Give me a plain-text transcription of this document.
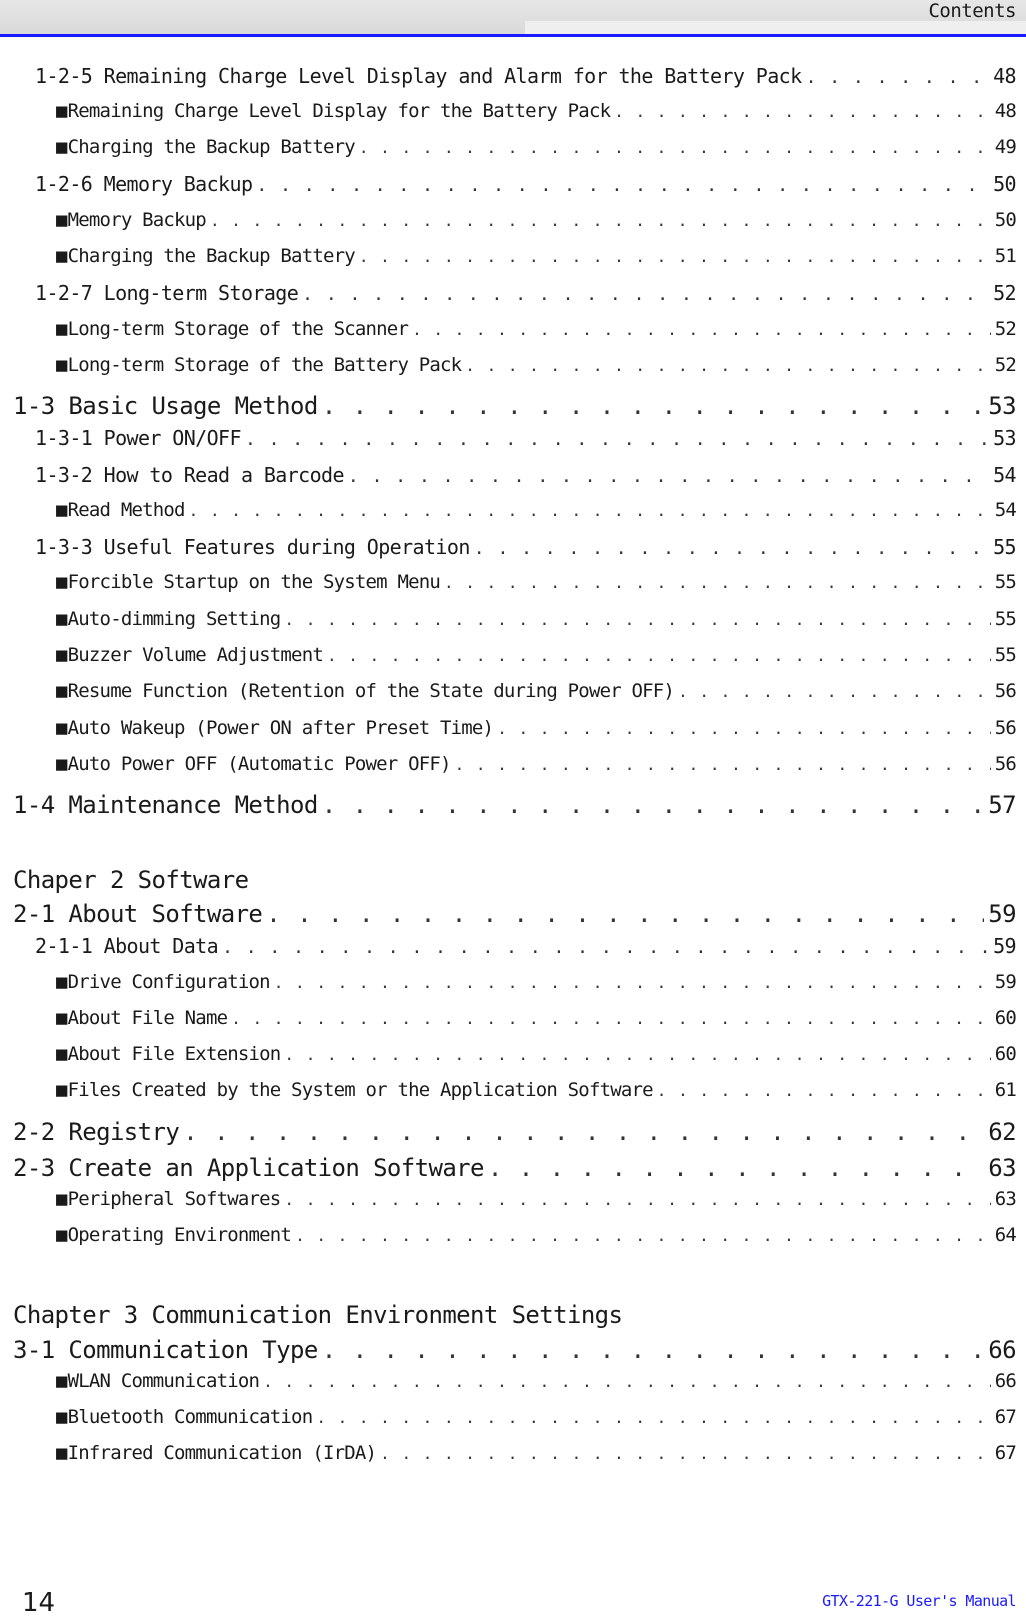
Contents
1-2-5 Remaining Charge Level Display and Alarm for the Battery Pack . . .	48
■Remaining Charge Level Display for the Battery Pack . . .	48
■Charging the Backup Battery . . .	49
1-2-6 Memory Backup . . .	50
■Memory Backup . . .	50
■Charging the Backup Battery . . .	51
1-2-7 Long-term Storage . . .	52
■Long-term Storage of the Scanner . . .	52
■Long-term Storage of the Battery Pack . . .	52
1-3 Basic Usage Method . . .	53
1-3-1 Power ON/OFF . . .	53
1-3-2 How to Read a Barcode . . .	54
■Read Method . . .	54
1-3-3 Useful Features during Operation . . .	55
■Forcible Startup on the System Menu . . .	55
■Auto-dimming Setting . . .	55
■Buzzer Volume Adjustment . . .	55
■Resume Function (Retention of the State during Power OFF) . . .	56
■Auto Wakeup (Power ON after Preset Time) . . .	56
■Auto Power OFF (Automatic Power OFF) . . .	56
1-4 Maintenance Method . . .	57
Chaper 2 Software
2-1 About Software . . .	59
2-1-1 About Data . . .	59
■Drive Configuration . . .	59
■About File Name . . .	60
■About File Extension . . .	60
■Files Created by the System or the Application Software . . .	61
2-2 Registry . . .	62
2-3 Create an Application Software . . .	63
■Peripheral Softwares . . .	63
■Operating Environment . . .	64
Chapter 3 Communication Environment Settings
3-1 Communication Type . . .	66
■WLAN Communication . . .	66
■Bluetooth Communication . . .	67
■Infrared Communication (IrDA) . . .	67
14	GTX-221-G User's Manual
